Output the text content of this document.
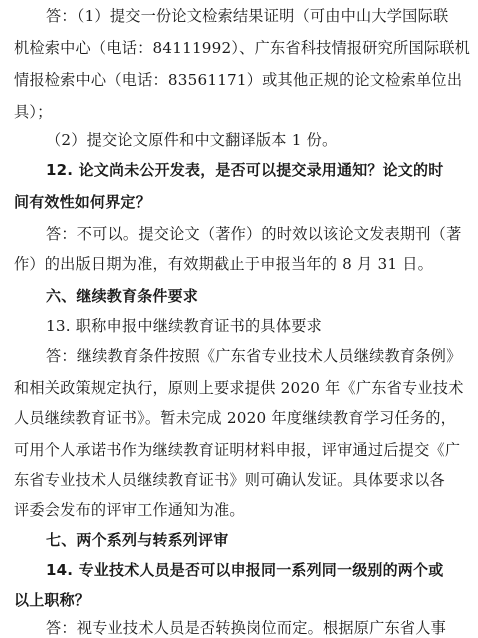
答：（1）提交一份论文检索结果证明（可由中山大学国际联
机检索中心（电话：84111992）、广东省科技情报研究所国际联机
情报检索中心（电话：83561171）或其他正规的论文检索单位出
具）；
（2）提交论文原件和中文翻译版本 1 份。
12. 论文尚未公开发表，是否可以提交录用通知？论文的时
间有效性如何界定？
答：不可以。提交论文（著作）的时效以该论文发表期刊（著
作）的出版日期为准，有效期截止于申报当年的 8 月 31 日。
六、继续教育条件要求
13. 职称申报中继续教育证书的具体要求
答：继续教育条件按照《广东省专业技术人员继续教育条例》
和相关政策规定执行，原则上要求提供 2020 年《广东省专业技术
人员继续教育证书》。暂未完成 2020 年度继续教育学习任务的，
可用个人承诺书作为继续教育证明材料申报，评审通过后提交《广
东省专业技术人员继续教育证书》则可确认发证。具体要求以各
评委会发布的评审工作通知为准。
七、两个系列与转系列评审
14. 专业技术人员是否可以申报同一系列同一级别的两个或
以上职称？
答：视专业技术人员是否转换岗位而定。根据原广东省人事
